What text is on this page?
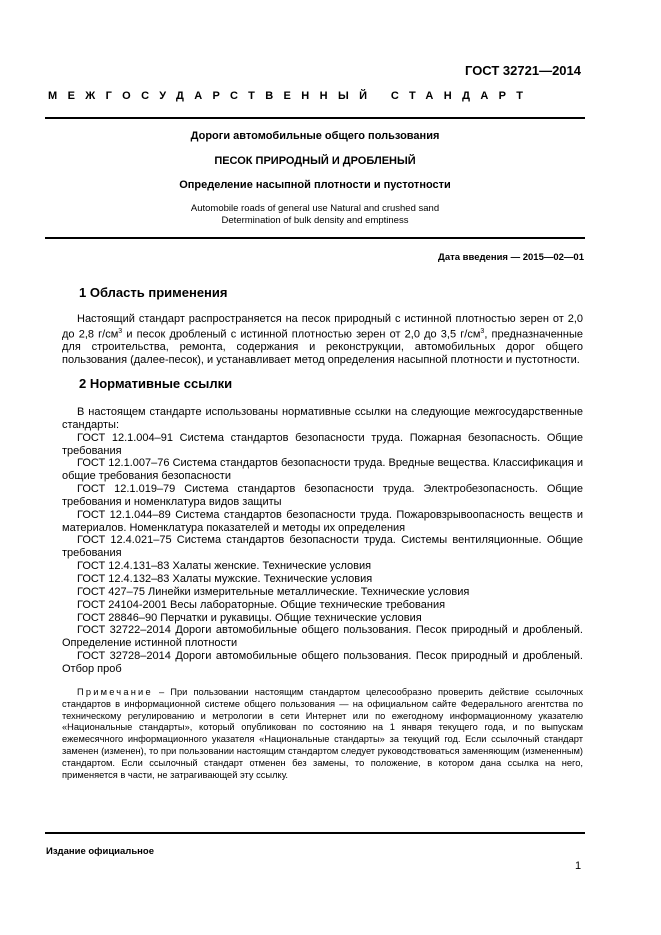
ГОСТ 32721—2014
МЕЖГОСУДАРСТВЕННЫЙ СТАНДАРТ
Дороги автомобильные общего пользования
ПЕСОК ПРИРОДНЫЙ И ДРОБЛЕНЫЙ
Определение насыпной плотности и пустотности
Automobile roads of general use Natural and crushed sand
Determination of bulk density and emptiness
Дата введения — 2015—02—01
1 Область применения

Настоящий стандарт распространяется на песок природный с истинной плотностью зерен от 2,0 до 2,8 $г/см^3$ и песок дробленый с истинной плотностью зерен от 2,0 до 3,5 $г/см^3$, предназначенные для строительства, ремонта, содержания и реконструкции, автомобильных дорог общего пользования (далее-песок), и устанавливает метод определения насыпной плотности и пустотности.

2 Нормативные ссылки

В настоящем стандарте использованы нормативные ссылки на следующие межгосударственные стандарты:

ГОСТ 12.1.004–91 Система стандартов безопасности труда. Пожарная безопасность. Общие требования
ГОСТ 12.1.007–76 Система стандартов безопасности труда. Вредные вещества. Классификация и общие требования безопасности
ГОСТ 12.1.019–79 Система стандартов безопасности труда. Электробезопасность. Общие требования и номенклатура видов защиты
ГОСТ 12.1.044–89 Система стандартов безопасности труда. Пожаровзрывоопасность веществ и материалов. Номенклатура показателей и методы их определения
ГОСТ 12.4.021–75 Система стандартов безопасности труда. Системы вентиляционные. Общие требования
ГОСТ 12.4.131–83 Халаты женские. Технические условия
ГОСТ 12.4.132–83 Халаты мужские. Технические условия
ГОСТ 427–75 Линейки измерительные металлические. Технические условия
ГОСТ 24104-2001 Весы лабораторные. Общие технические требования
ГОСТ 28846–90 Перчатки и рукавицы. Общие технические условия
ГОСТ 32722–2014 Дороги автомобильные общего пользования. Песок природный и дробленый. Определение истинной плотности
ГОСТ 32728–2014 Дороги автомобильные общего пользования. Песок природный и дробленый. Отбор проб
Примечание – При пользовании настоящим стандартом целесообразно проверить действие ссылочных стандартов в информационной системе общего пользования — на официальном сайте Федерального агентства по техническому регулированию и метрологии в сети Интернет или по ежегодному информационному указателю «Национальные стандарты», который опубликован по состоянию на 1 января текущего года, и по выпускам ежемесячного информационного указателя «Национальные стандарты» за текущий год. Если ссылочный стандарт заменен (изменен), то при пользовании настоящим стандартом следует руководствоваться заменяющим (измененным) стандартом. Если ссылочный стандарт отменен без замены, то положение, в котором дана ссылка на него, применяется в части, не затрагивающей эту ссылку.
Издание официальное
1
